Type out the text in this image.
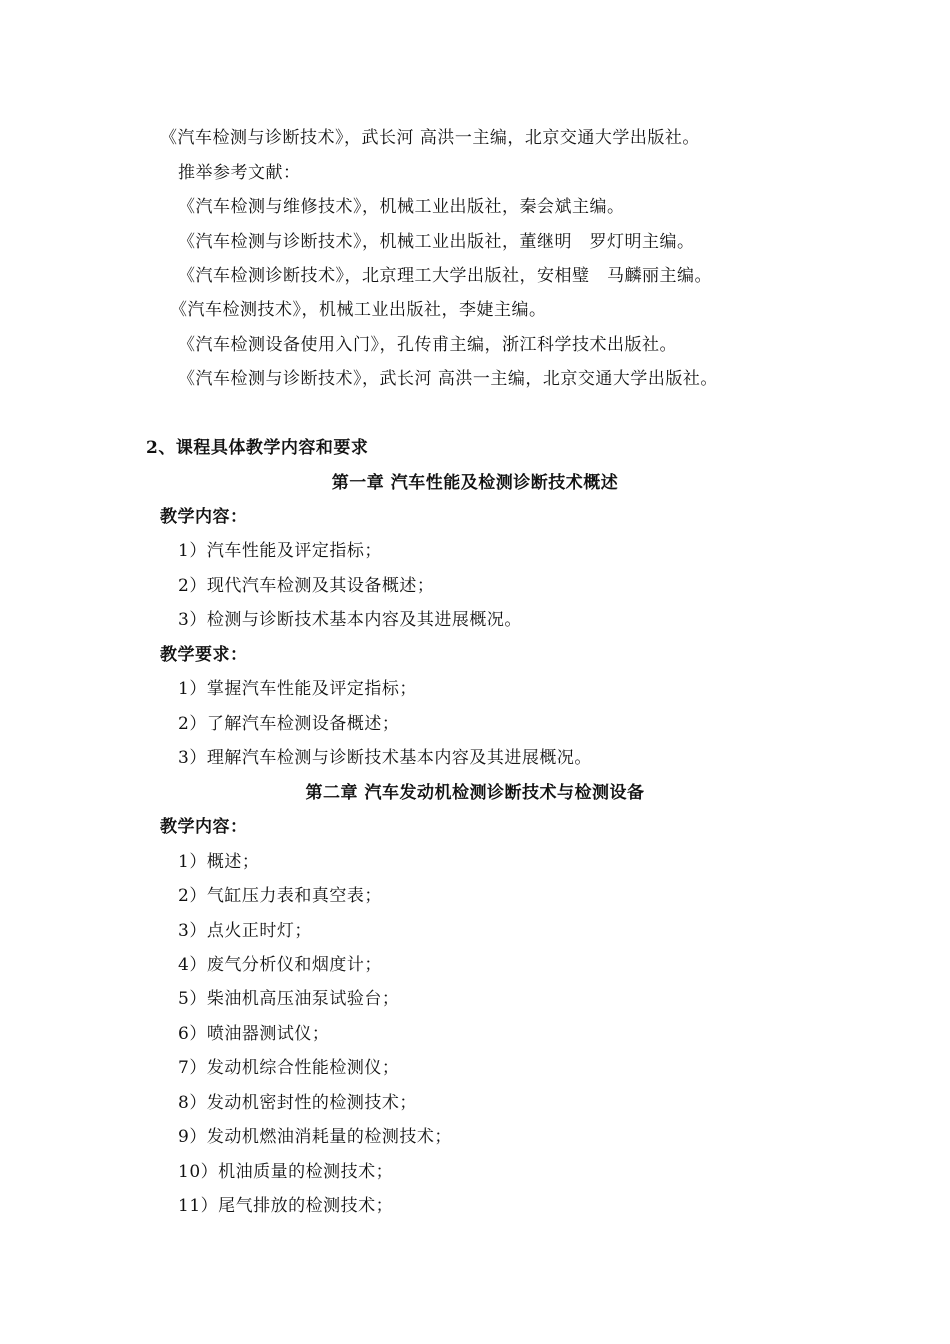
《汽车检测与诊断技术》，武长河 高洪一主编，北京交通大学出版社。
推举参考文献：
《汽车检测与维修技术》，机械工业出版社，秦会斌主编。
《汽车检测与诊断技术》，机械工业出版社，董继明　罗灯明主编。
《汽车检测诊断技术》，北京理工大学出版社，安相璧　马麟丽主编。
《汽车检测技术》，机械工业出版社，李婕主编。
《汽车检测设备使用入门》，孔传甫主编，浙江科学技术出版社。
《汽车检测与诊断技术》，武长河 高洪一主编，北京交通大学出版社。
2、课程具体教学内容和要求
第一章 汽车性能及检测诊断技术概述
教学内容：
1）汽车性能及评定指标；
2）现代汽车检测及其设备概述；
3）检测与诊断技术基本内容及其进展概况。
教学要求：
1）掌握汽车性能及评定指标；
2）了解汽车检测设备概述；
3）理解汽车检测与诊断技术基本内容及其进展概况。
第二章 汽车发动机检测诊断技术与检测设备
教学内容：
1）概述；
2）气缸压力表和真空表；
3）点火正时灯；
4）废气分析仪和烟度计；
5）柴油机高压油泵试验台；
6）喷油器测试仪；
7）发动机综合性能检测仪；
8）发动机密封性的检测技术；
9）发动机燃油消耗量的检测技术；
10）机油质量的检测技术；
11）尾气排放的检测技术；
